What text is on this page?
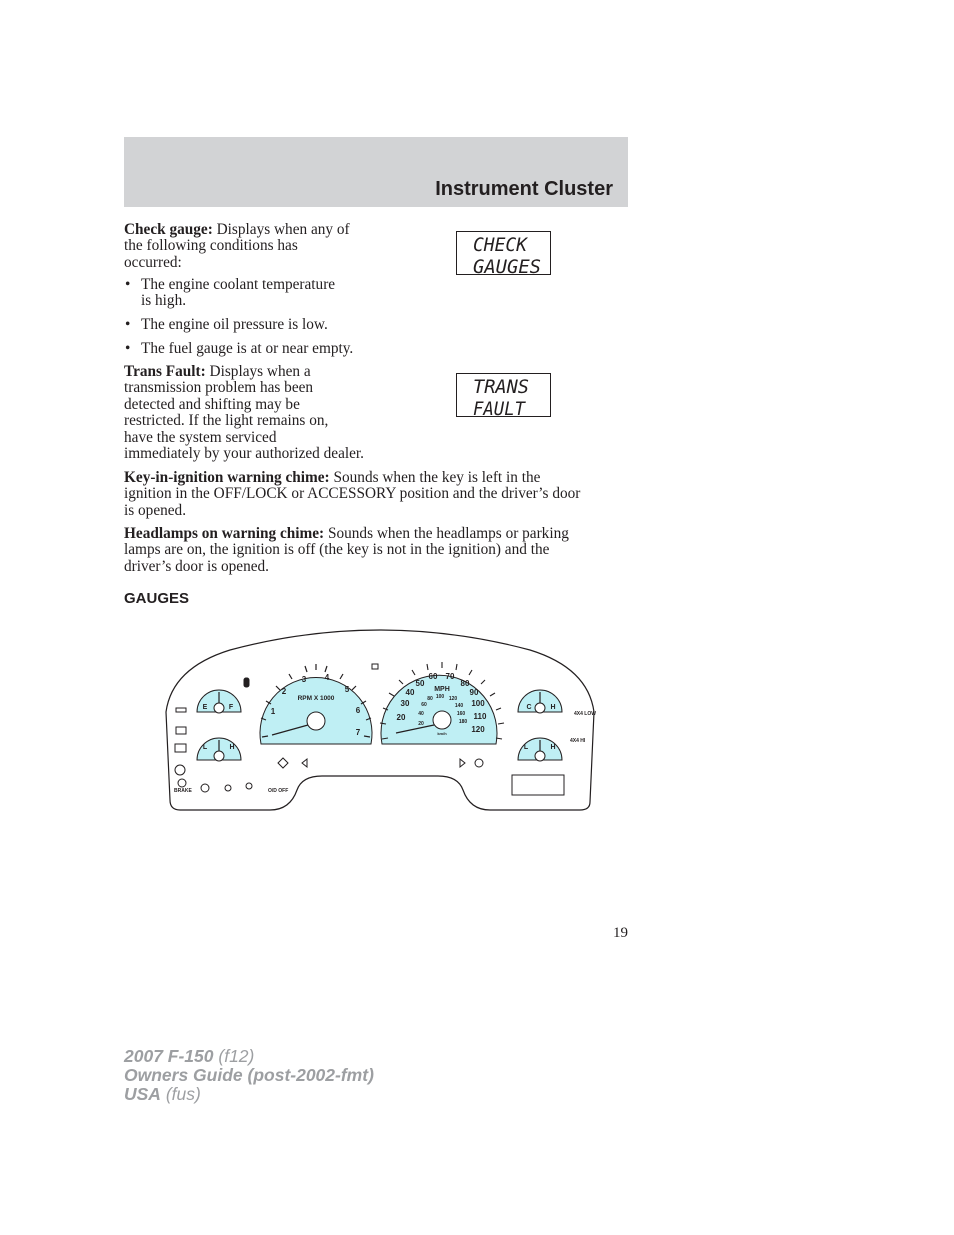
Instrument Cluster

Check gauge: Displays when any of
the following conditions has
occurred:

CHECK
GAUGES

• The engine coolant temperature
is high.

• The engine oil pressure is low.

• The fuel gauge is at or near empty.

Trans Fault: Displays when a
transmission problem has been
detected and shifting may be
restricted. If the light remains on,
have the system serviced
immediately by your authorized dealer.

TRANS
FAULT

Key-in-ignition warning chime: Sounds when the key is left in the
ignition in the OFF/LOCK or ACCESSORY position and the driver’s door
is opened.

Headlamps on warning chime: Sounds when the headlamps or parking
lamps are on, the ignition is off (the key is not in the ignition) and the
driver’s door is opened.

GAUGES
1
2
3 4
5
6
7
RPM X 1000
20
30
40
50
60 70
80
90
100
110
120
MPH
20
40
60
80 100 120
140
160
180
km/h
E	F
L	H
C	H
L	H
4X4 LOW
4X4 HI
BRAKE	O/D OFF
19
2007 F-150 (f12)
Owners Guide (post-2002-fmt)
USA (fus)
